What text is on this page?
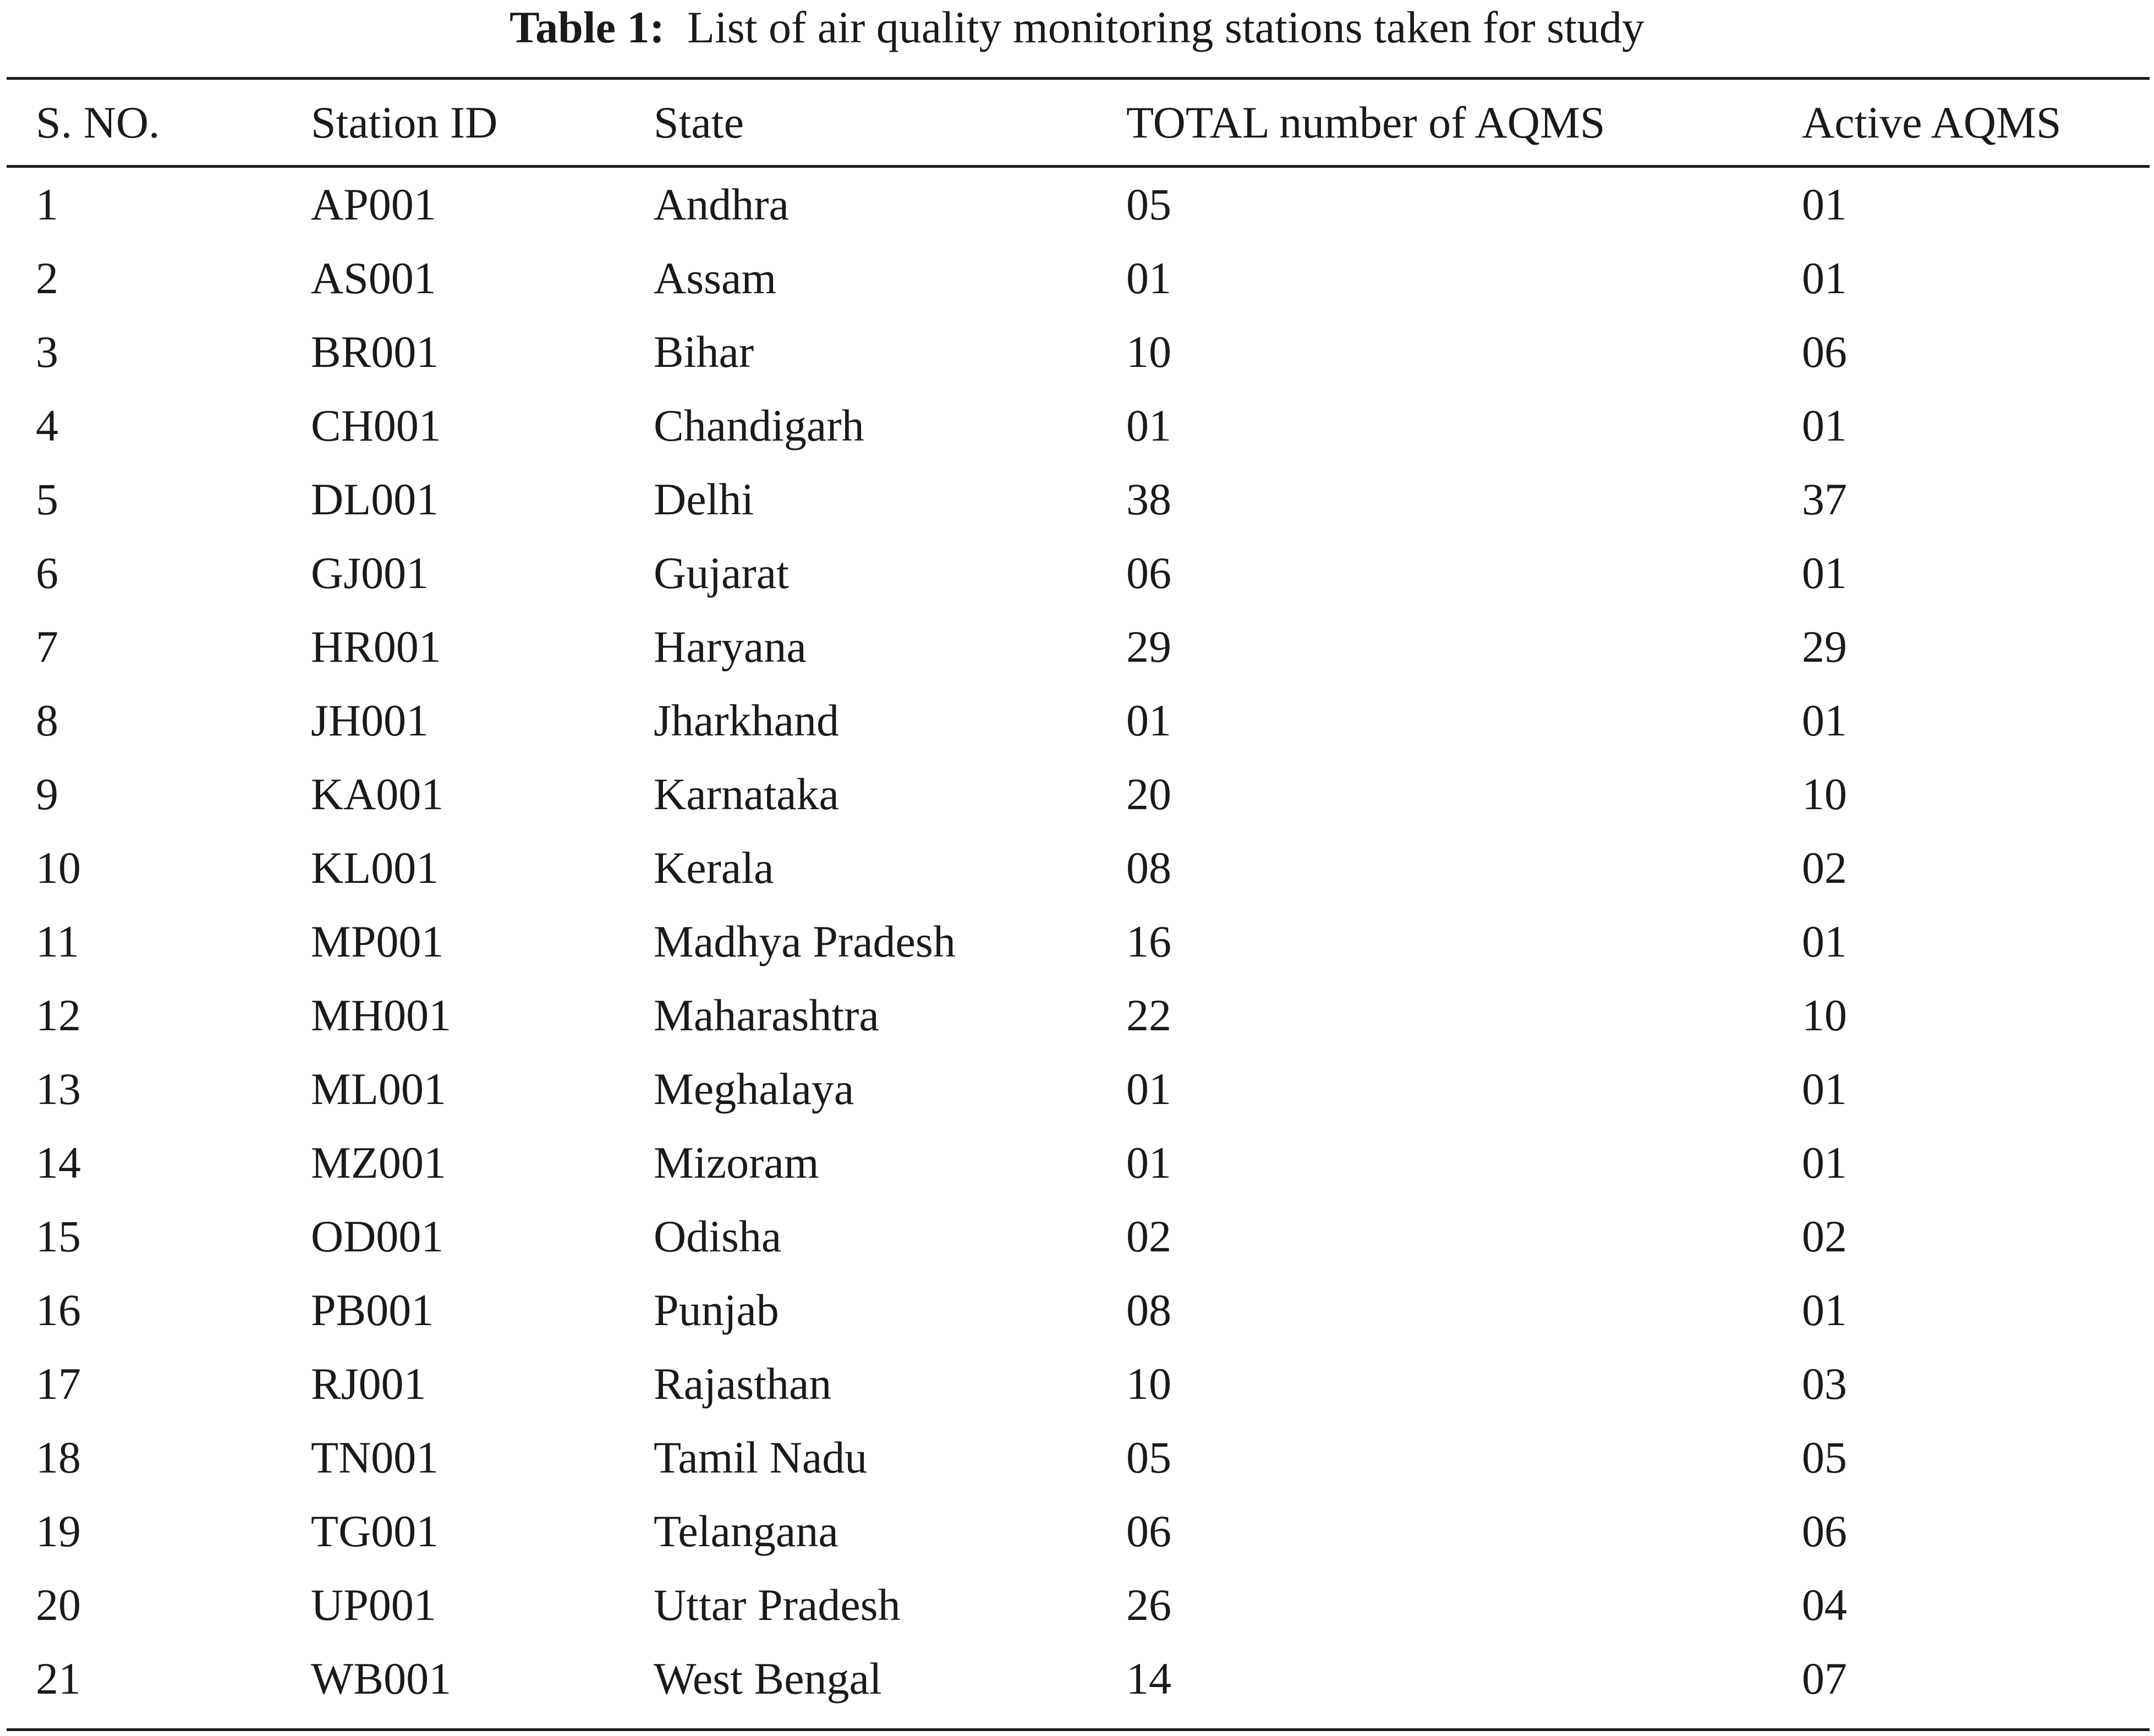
Table 1: List of air quality monitoring stations taken for study
S. NO.	Station ID	State	TOTAL number of AQMS	Active AQMS
1	AP001	Andhra	05	01
2	AS001	Assam	01	01
3	BR001	Bihar	10	06
4	CH001	Chandigarh	01	01
5	DL001	Delhi	38	37
6	GJ001	Gujarat	06	01
7	HR001	Haryana	29	29
8	JH001	Jharkhand	01	01
9	KA001	Karnataka	20	10
10	KL001	Kerala	08	02
11	MP001	Madhya Pradesh	16	01
12	MH001	Maharashtra	22	10
13	ML001	Meghalaya	01	01
14	MZ001	Mizoram	01	01
15	OD001	Odisha	02	02
16	PB001	Punjab	08	01
17	RJ001	Rajasthan	10	03
18	TN001	Tamil Nadu	05	05
19	TG001	Telangana	06	06
20	UP001	Uttar Pradesh	26	04
21	WB001	West Bengal	14	07
